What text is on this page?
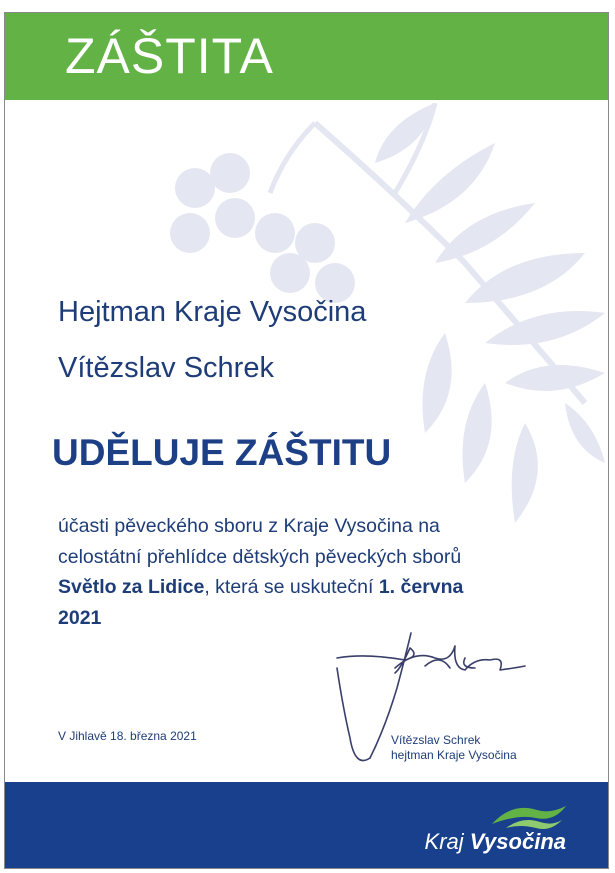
ZÁŠTITA
Hejtman Kraje Vysočina
Vítězslav Schrek
UDĚLUJE ZÁŠTITU
účasti pěveckého sboru z Kraje Vysočina na
celostátní přehlídce dětských pěveckých sborů
Světlo za Lidice, která se uskuteční 1. června
2021
V Jihlavě 18. března 2021	Vítězslav Schrek
hejtman Kraje Vysočina
Kraj Vysočina
